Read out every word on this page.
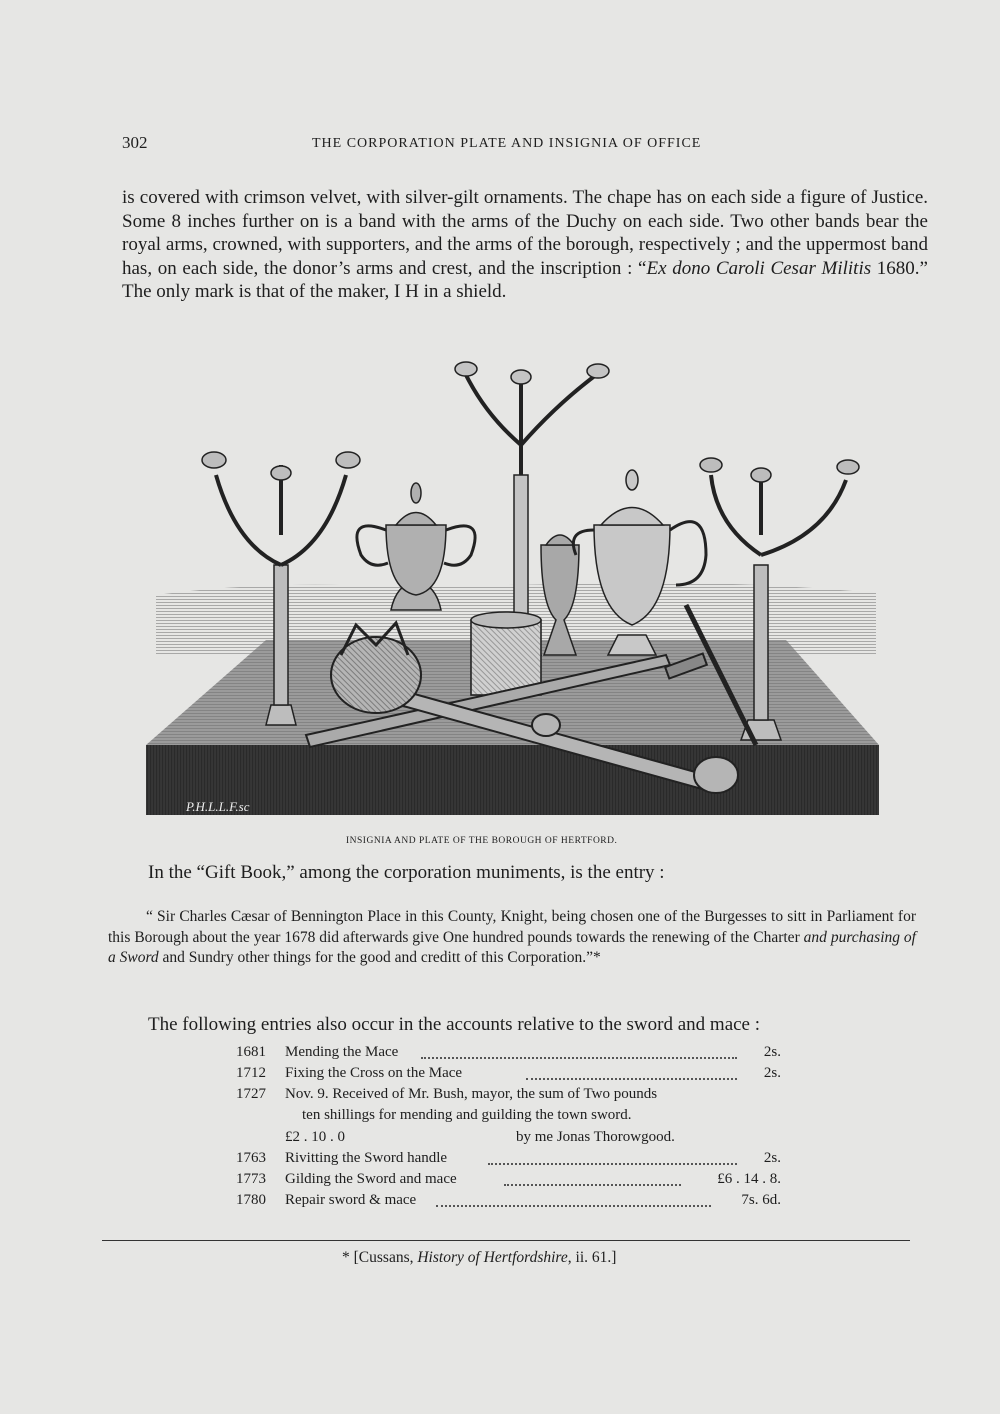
302	THE CORPORATION PLATE AND INSIGNIA OF OFFICE

is covered with crimson velvet, with silver-gilt ornaments. The chape has on each side a figure of Justice. Some 8 inches further on is a band with the arms of the Duchy on each side. Two other bands bear the royal arms, crowned, with supporters, and the arms of the borough, respectively ; and the uppermost band has, on each side, the donor’s arms and crest, and the inscription : “Ex dono Caroli Cesar Militis 1680.” The only mark is that of the maker, I H in a shield.

P.H.L.L.F.sc
INSIGNIA AND PLATE OF THE BOROUGH OF HERTFORD.
In the “Gift Book,” among the corporation muniments, is the entry :

“ Sir Charles Cæsar of Bennington Place in this County, Knight, being chosen one of the Burgesses to sitt in Parliament for this Borough about the year 1678 did afterwards give One hundred pounds towards the renewing of the Charter and purchasing of a Sword and Sundry other things for the good and creditt of this Corporation.”*

The following entries also occur in the accounts relative to the sword and mace :
1681	Mending the Mace	2s.
1712	Fixing the Cross on the Mace	2s.
1727	Nov. 9. Received of Mr. Bush, mayor, the sum of Two pounds
ten shillings for mending and guilding the town sword.
£2 . 10 . 0	by me Jonas Thorowgood.
1763	Rivitting the Sword handle	2s.
1773	Gilding the Sword and mace	£6 . 14 . 8.
1780	Repair sword & mace	7s. 6d.
* [Cussans, History of Hertfordshire, ii. 61.]
